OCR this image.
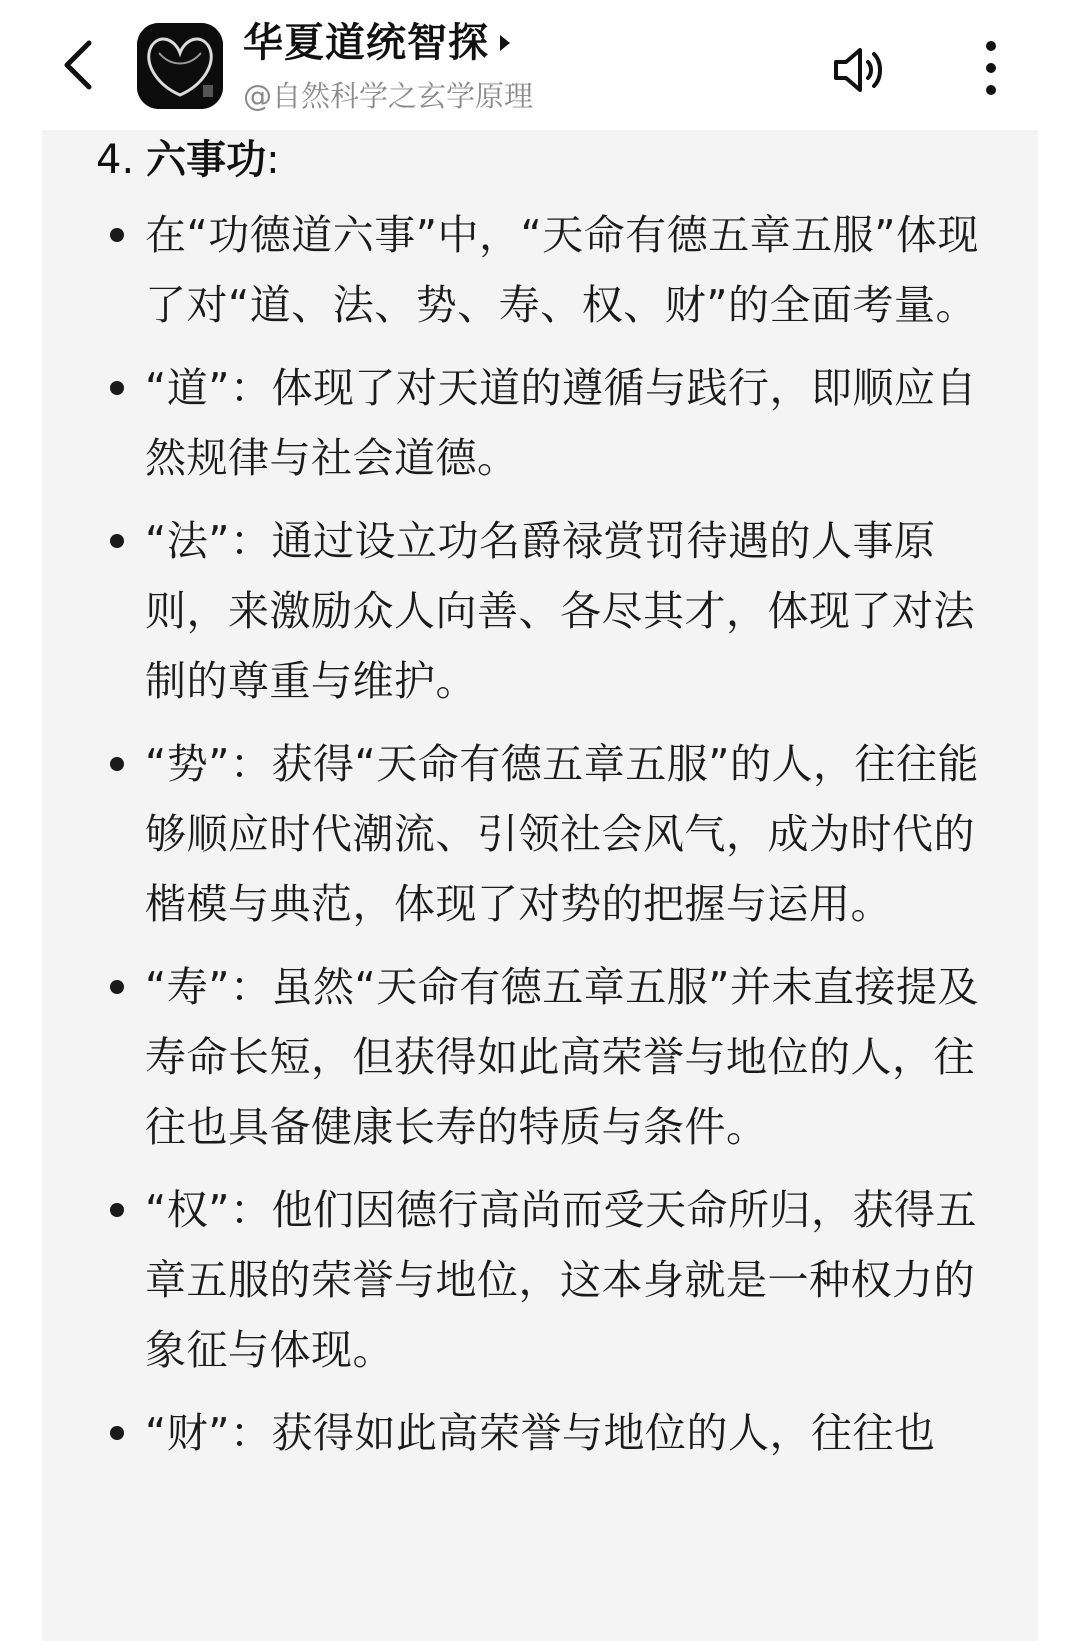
华夏道统智探
@自然科学之玄学原理
4. 六事功:
在“功德道六事”中，“天命有德五章五服”体现了对“道、法、势、寿、权、财”的全面考量。
“道”：体现了对天道的遵循与践行，即顺应自然规律与社会道德。
“法”：通过设立功名爵禄赏罚待遇的人事原则，来激励众人向善、各尽其才，体现了对法制的尊重与维护。
“势”：获得“天命有德五章五服”的人，往往能够顺应时代潮流、引领社会风气，成为时代的楷模与典范，体现了对势的把握与运用。
“寿”：虽然“天命有德五章五服”并未直接提及寿命长短，但获得如此高荣誉与地位的人，往往也具备健康长寿的特质与条件。
“权”：他们因德行高尚而受天命所归，获得五章五服的荣誉与地位，这本身就是一种权力的象征与体现。
“财”：获得如此高荣誉与地位的人，往往也
